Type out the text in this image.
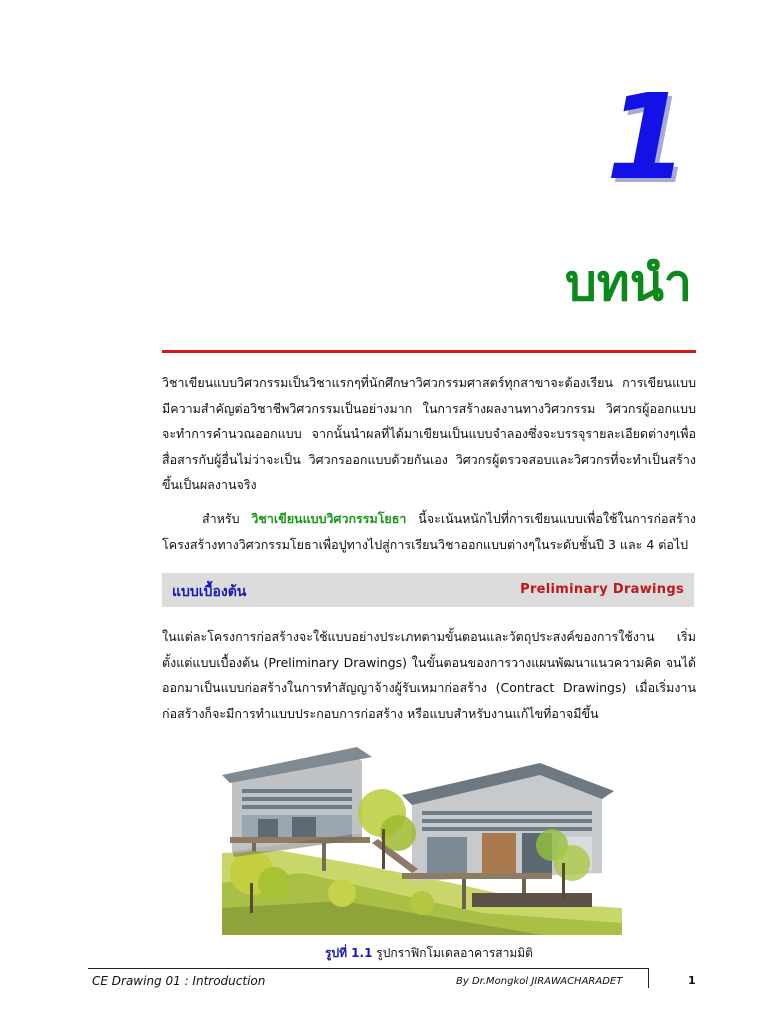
1
บทนำ

วิชาเขียนแบบวิศวกรรมเป็นวิชาแรกๆที่นักศึกษาวิศวกรรมศาสตร์ทุกสาขาจะต้องเรียน การเขียนแบบมีความสำคัญต่อวิชาชีพวิศวกรรมเป็นอย่างมาก ในการสร้างผลงานทางวิศวกรรม วิศวกรผู้ออกแบบจะทำการคำนวณออกแบบ จากนั้นนำผลที่ได้มาเขียนเป็นแบบจำลองซึ่งจะบรรจุรายละเอียดต่างๆเพื่อสื่อสารกับผู้อื่นไม่ว่าจะเป็น วิศวกรออกแบบด้วยกันเอง วิศวกรผู้ตรวจสอบและวิศวกรที่จะทำเป็นสร้างขึ้นเป็นผลงานจริง

สำหรับ วิชาเขียนแบบวิศวกรรมโยธา นี้จะเน้นหนักไปที่การเขียนแบบเพื่อใช้ในการก่อสร้างโครงสร้างทางวิศวกรรมโยธาเพื่อปูทางไปสู่การเรียนวิชาออกแบบต่างๆในระดับชั้นปี 3 และ 4 ต่อไป

แบบเบื้องต้น	Preliminary Drawings

ในแต่ละโครงการก่อสร้างจะใช้แบบอย่างประเภทตามขั้นตอนและวัตถุประสงค์ของการใช้งาน เริ่มตั้งแต่แบบเบื้องต้น (Preliminary Drawings) ในขั้นตอนของการวางแผนพัฒนาแนวความคิด จนได้ออกมาเป็นแบบก่อสร้างในการทำสัญญาจ้างผู้รับเหมาก่อสร้าง (Contract Drawings) เมื่อเริ่มงานก่อสร้างก็จะมีการทำแบบประกอบการก่อสร้าง หรือแบบสำหรับงานแก้ไขที่อาจมีขึ้น

รูปที่ 1.1 รูปกราฟิกโมเดลอาคารสามมิติ
CE Drawing 01 : Introduction	By Dr.Mongkol JIRAWACHARADET	1
